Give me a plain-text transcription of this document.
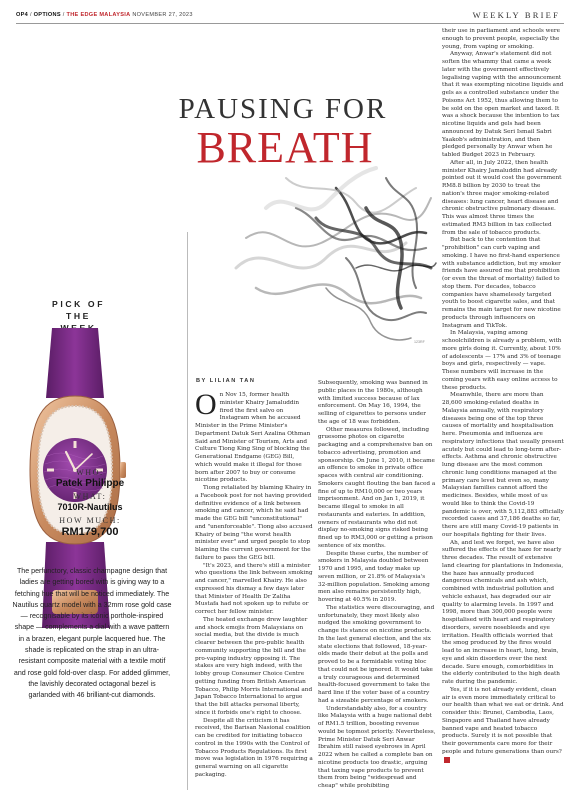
OP4 / OPTIONS / THE EDGE MALAYSIA NOVEMBER 27, 2023	WEEKLY BRIEF
PICK OF
THE
WHO:
Patek Philippe
WHAT:
7010R-Nautilus
HOW MUCH:
RM179,700
The perfunctory, classic champagne design that ladies are getting bored with is giving way to a fetching hue that will be noticed immediately. The Nautilus quartz model with a 32mm rose gold case — recognisable by its iconic porthole-inspired shape — complements a dial with a wave pattern in a brazen, elegant purple lacquered hue. The shade is replicated on the strap in an ultra-resistant composite material with a textile motif and rose gold fold-over clasp. For added glimmer, the lavishly decorated octagonal bezel is garlanded with 46 brilliant-cut diamonds.
PAUSING FOR
BREATH
123RF
BY LILIAN TAN

On Nov 15, former health minister Khairy Jamaluddin fired the first salvo on Instagram when he accused Minister in the Prime Minister's Department Datuk Seri Azalina Othman Said and Minister of Tourism, Arts and Culture Tiong King Sing of blocking the Generational Endgame (GEG) Bill, which would make it illegal for those born after 2007 to buy or consume nicotine products.

Tiong retaliated by blaming Khairy in a Facebook post for not having provided definitive evidence of a link between smoking and cancer, which he said had made the GEG bill "unconstitutional" and "unenforceable". Tiong also accused Khairy of being "the worst health minister ever" and urged people to stop blaming the current government for the failure to pass the GEG bill.

"It's 2023, and there's still a minister who questions the link between smoking and cancer," marvelled Khairy. He also expressed his dismay a few days later that Minister of Health Dr Zaliha Mustafa had not spoken up to refute or correct her fellow minister.

The heated exchange drew laughter and shock emojis from Malaysians on social media, but the divide is much clearer between the pro-public health community supporting the bill and the pro-vaping industry opposing it. The stakes are very high indeed, with the lobby group Consumer Choice Centre getting funding from British American Tobacco, Philip Morris International and Japan Tobacco International to argue that the bill attacks personal liberty, since it forbids one's right to choose.

Despite all the criticism it has received, the Barisan Nasional coalition can be credited for initiating tobacco control in the 1990s with the Control of Tobacco Products Regulations. Its first move was legislation in 1976 requiring a general warning on all cigarette packaging.

Subsequently, smoking was banned in public places in the 1980s, although with limited success because of lax enforcement. On May 16, 1994, the selling of cigarettes to persons under the age of 18 was forbidden.

Other measures followed, including gruesome photos on cigarette packaging and a comprehensive ban on tobacco advertising, promotion and sponsorship. On June 1, 2010, it became an offence to smoke in private office spaces with central air conditioning. Smokers caught flouting the ban faced a fine of up to RM10,000 or two years imprisonment. And on Jan 1, 2019, it became illegal to smoke in all restaurants and eateries. In addition, owners of restaurants who did not display no-smoking signs risked being fined up to RM3,000 or getting a prison sentence of six months.

Despite these curbs, the number of smokers in Malaysia doubled between 1970 and 1995, and today make up seven million, or 21.8% of Malaysia's 32-million population. Smoking among men also remains persistently high, hovering at 40.5% in 2019.

The statistics were discouraging, and unfortunately, they most likely also nudged the smoking government to change its stance on nicotine products. In the last general election, and the six state elections that followed, 18-year-olds made their debut at the polls and proved to be a formidable voting bloc that could not be ignored. It would take a truly courageous and determined health-focused government to take the hard line if the voter base of a country had a sizeable percentage of smokers.

Understandably also, for a country like Malaysia with a huge national debt of RM1.5 trillion, boosting revenue would be topmost priority. Nevertheless, Prime Minister Datuk Seri Anwar Ibrahim still raised eyebrows in April 2022 when he called a complete ban on nicotine products too drastic, arguing that taxing vape products to prevent them from being "widespread and cheap" while prohibiting

their use in parliament and schools were enough to prevent people, especially the young, from vaping or smoking.

Anyway, Anwar's statement did not soften the whammy that came a week later with the government effectively legalising vaping with the announcement that it was exempting nicotine liquids and gels as a controlled substance under the Poisons Act 1952, thus allowing them to be sold on the open market and taxed. It was a shock because the intention to tax nicotine liquids and gels had been announced by Datuk Seri Ismail Sabri Yaakob's administration, and then pledged personally by Anwar when he tabled Budget 2023 in February.

After all, in July 2022, then health minister Khairy Jamaluddin had already pointed out it would cost the government RM8.8 billion by 2030 to treat the nation's three major smoking-related diseases: lung cancer, heart disease and chronic obstructive pulmonary disease. This was almost three times the estimated RM3 billion in tax collected from the sale of tobacco products.

But back to the contention that "prohibition" can curb vaping and smoking. I have no first-hand experience with substance addiction, but my smoker friends have assured me that prohibition (or even the threat of mortality) failed to stop them. For decades, tobacco companies have shamelessly targeted youth to boost cigarette sales, and that remains the main target for new nicotine products through influencers on Instagram and TikTok.

In Malaysia, vaping among schoolchildren is already a problem, with more girls doing it. Currently, about 10% of adolescents — 17% and 3% of teenage boys and girls, respectively — vape. These numbers will increase in the coming years with easy online access to these products.

Meanwhile, there are more than 28,600 smoking-related deaths in Malaysia annually, with respiratory diseases being one of the top three causes of mortality and hospitalisation here. Pneumonia and influenza are respiratory infections that usually present acutely but could lead to long-term after-effects. Asthma and chronic obstructive lung disease are the most common chronic lung conditions managed at the primary care level but even so, many Malaysian families cannot afford the medicines. Besides, while most of us would like to think the Covid-19 pandemic is over, with 5,112,883 officially recorded cases and 37,186 deaths so far, there are still many Covid-19 patients in our hospitals fighting for their lives.

Ah, and lest we forget, we have also suffered the effects of the haze for nearly three decades. The result of extensive land clearing for plantations in Indonesia, the haze has annually produced dangerous chemicals and ash which, combined with industrial pollution and vehicle exhaust, has degraded our air quality to alarming levels. In 1997 and 1998, more than 300,000 people were hospitalised with heart and respiratory disorders, severe nosebleeds and eye irritation. Health officials worried that the smog produced by the fires would lead to an increase in heart, lung, brain, eye and skin disorders over the next decade. Sure enough, comorbidities in the elderly contributed to the high death rate during the pandemic.

Yes, if it is not already evident, clean air is even more immediately critical to our health than what we eat or drink. And consider this: Brunei, Cambodia, Laos, Singapore and Thailand have already banned vape and heated tobacco products. Surely it is not possible that their governments care more for their people and future generations than ours?
